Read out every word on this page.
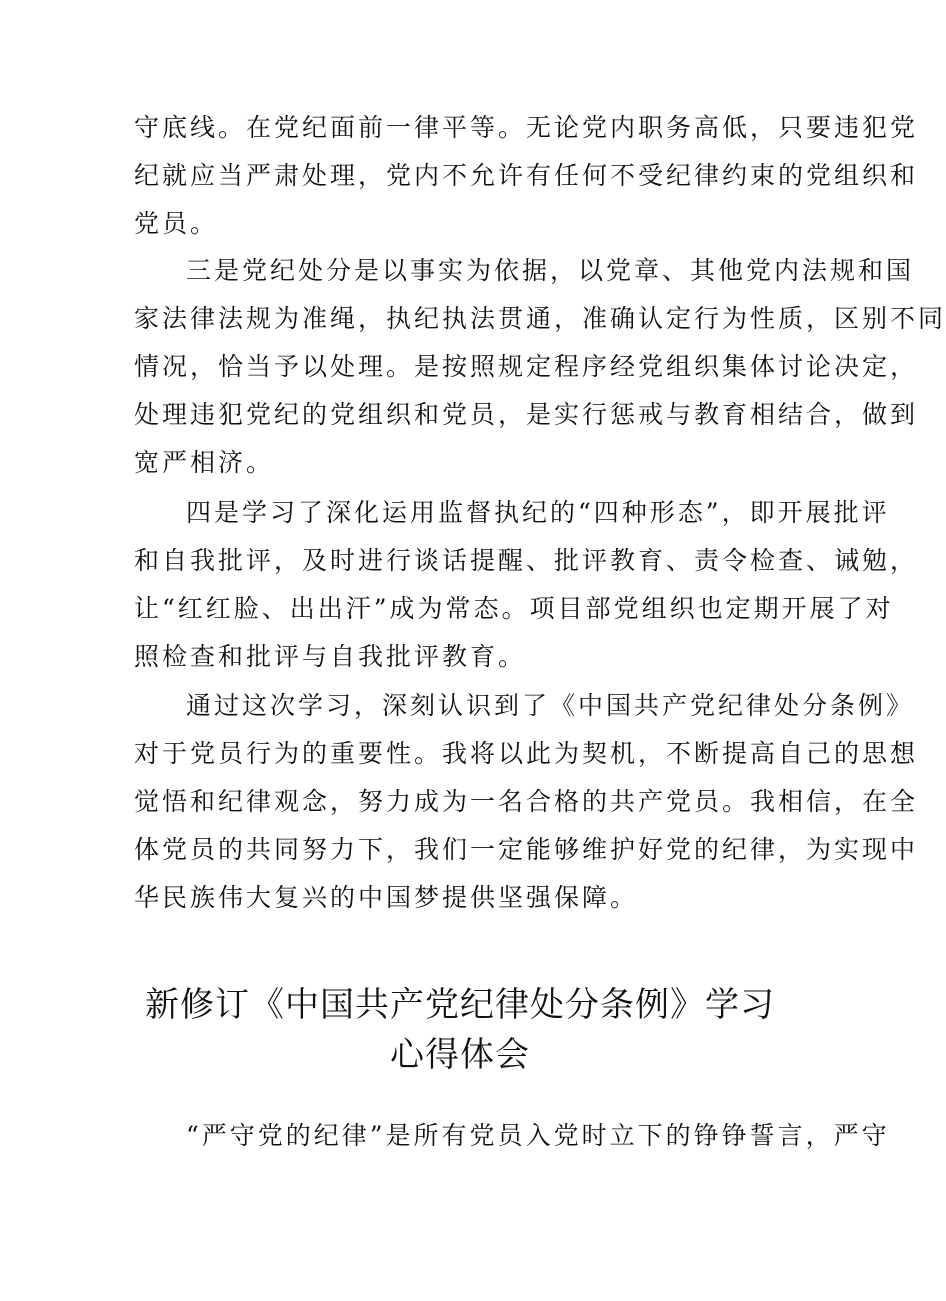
守底线。在党纪面前一律平等。无论党内职务高低，只要违犯党
纪就应当严肃处理，党内不允许有任何不受纪律约束的党组织和
党员。
三是党纪处分是以事实为依据，以党章、其他党内法规和国
家法律法规为准绳，执纪执法贯通，准确认定行为性质，区别不同
情况，恰当予以处理。是按照规定程序经党组织集体讨论决定，
处理违犯党纪的党组织和党员，是实行惩戒与教育相结合，做到
宽严相济。
四是学习了深化运用监督执纪的“四种形态”，即开展批评
和自我批评，及时进行谈话提醒、批评教育、责令检查、诫勉，
让“红红脸、出出汗”成为常态。项目部党组织也定期开展了对
照检查和批评与自我批评教育。
通过这次学习，深刻认识到了《中国共产党纪律处分条例》
对于党员行为的重要性。我将以此为契机，不断提高自己的思想
觉悟和纪律观念，努力成为一名合格的共产党员。我相信，在全
体党员的共同努力下，我们一定能够维护好党的纪律，为实现中
华民族伟大复兴的中国梦提供坚强保障。
新修订《中国共产党纪律处分条例》学习
心得体会
“严守党的纪律”是所有党员入党时立下的铮铮誓言，严守
